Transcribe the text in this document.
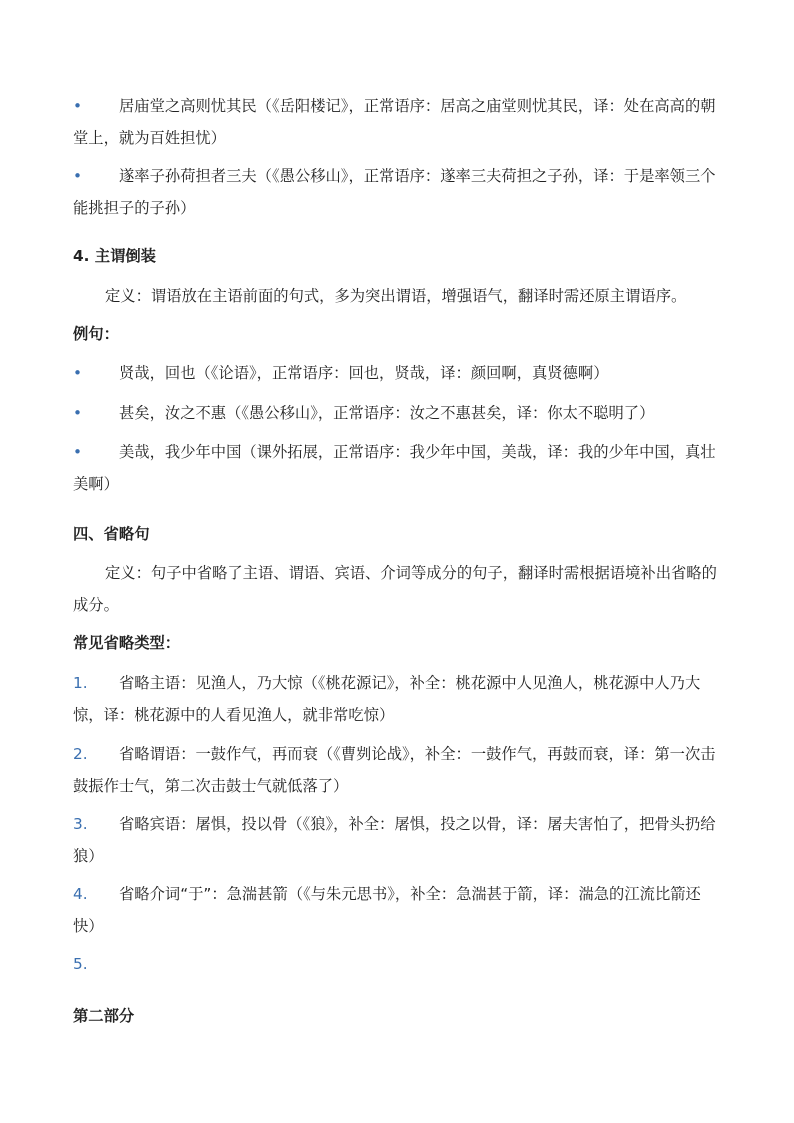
•	居庙堂之高则忧其民（《岳阳楼记》，正常语序：居高之庙堂则忧其民，译：处在高高的朝堂上，就为百姓担忧）
•	遂率子孙荷担者三夫（《愚公移山》，正常语序：遂率三夫荷担之子孙，译：于是率领三个能挑担子的子孙）
4. 主谓倒装
定义：谓语放在主语前面的句式，多为突出谓语，增强语气，翻译时需还原主谓语序。
例句：
•	贤哉，回也（《论语》，正常语序：回也，贤哉，译：颜回啊，真贤德啊）
•	甚矣，汝之不惠（《愚公移山》，正常语序：汝之不惠甚矣，译：你太不聪明了）
•	美哉，我少年中国（课外拓展，正常语序：我少年中国，美哉，译：我的少年中国，真壮美啊）
四、省略句
定义：句子中省略了主语、谓语、宾语、介词等成分的句子，翻译时需根据语境补出省略的成分。
常见省略类型：
1.	省略主语：见渔人，乃大惊（《桃花源记》，补全：桃花源中人见渔人，桃花源中人乃大惊，译：桃花源中的人看见渔人，就非常吃惊）
2.	省略谓语：一鼓作气，再而衰（《曹刿论战》，补全：一鼓作气，再鼓而衰，译：第一次击鼓振作士气，第二次击鼓士气就低落了）
3.	省略宾语：屠惧，投以骨（《狼》，补全：屠惧，投之以骨，译：屠夫害怕了，把骨头扔给狼）
4.	省略介词“于”：急湍甚箭（《与朱元思书》，补全：急湍甚于箭，译：湍急的江流比箭还快）
5.
第二部分
